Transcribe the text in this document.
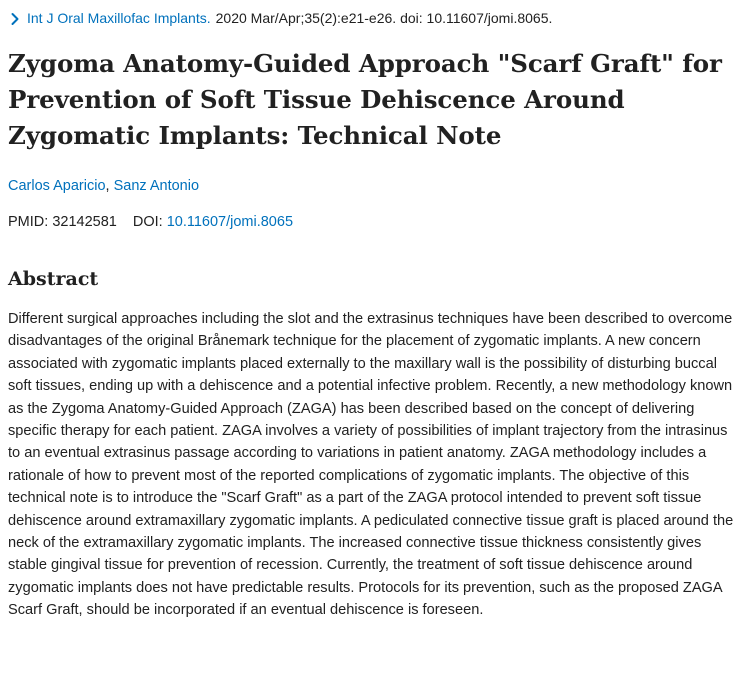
Int J Oral Maxillofac Implants. 2020 Mar/Apr;35(2):e21-e26. doi: 10.11607/jomi.8065.
Zygoma Anatomy-Guided Approach "Scarf Graft" for Prevention of Soft Tissue Dehiscence Around Zygomatic Implants: Technical Note
Carlos Aparicio, Sanz Antonio
PMID: 32142581 DOI: 10.11607/jomi.8065
Abstract

Different surgical approaches including the slot and the extrasinus techniques have been described to overcome disadvantages of the original Brånemark technique for the placement of zygomatic implants. A new concern associated with zygomatic implants placed externally to the maxillary wall is the possibility of disturbing buccal soft tissues, ending up with a dehiscence and a potential infective problem. Recently, a new methodology known as the Zygoma Anatomy-Guided Approach (ZAGA) has been described based on the concept of delivering specific therapy for each patient. ZAGA involves a variety of possibilities of implant trajectory from the intrasinus to an eventual extrasinus passage according to variations in patient anatomy. ZAGA methodology includes a rationale of how to prevent most of the reported complications of zygomatic implants. The objective of this technical note is to introduce the "Scarf Graft" as a part of the ZAGA protocol intended to prevent soft tissue dehiscence around extramaxillary zygomatic implants. A pediculated connective tissue graft is placed around the neck of the extramaxillary zygomatic implants. The increased connective tissue thickness consistently gives stable gingival tissue for prevention of recession. Currently, the treatment of soft tissue dehiscence around zygomatic implants does not have predictable results. Protocols for its prevention, such as the proposed ZAGA Scarf Graft, should be incorporated if an eventual dehiscence is foreseen.
